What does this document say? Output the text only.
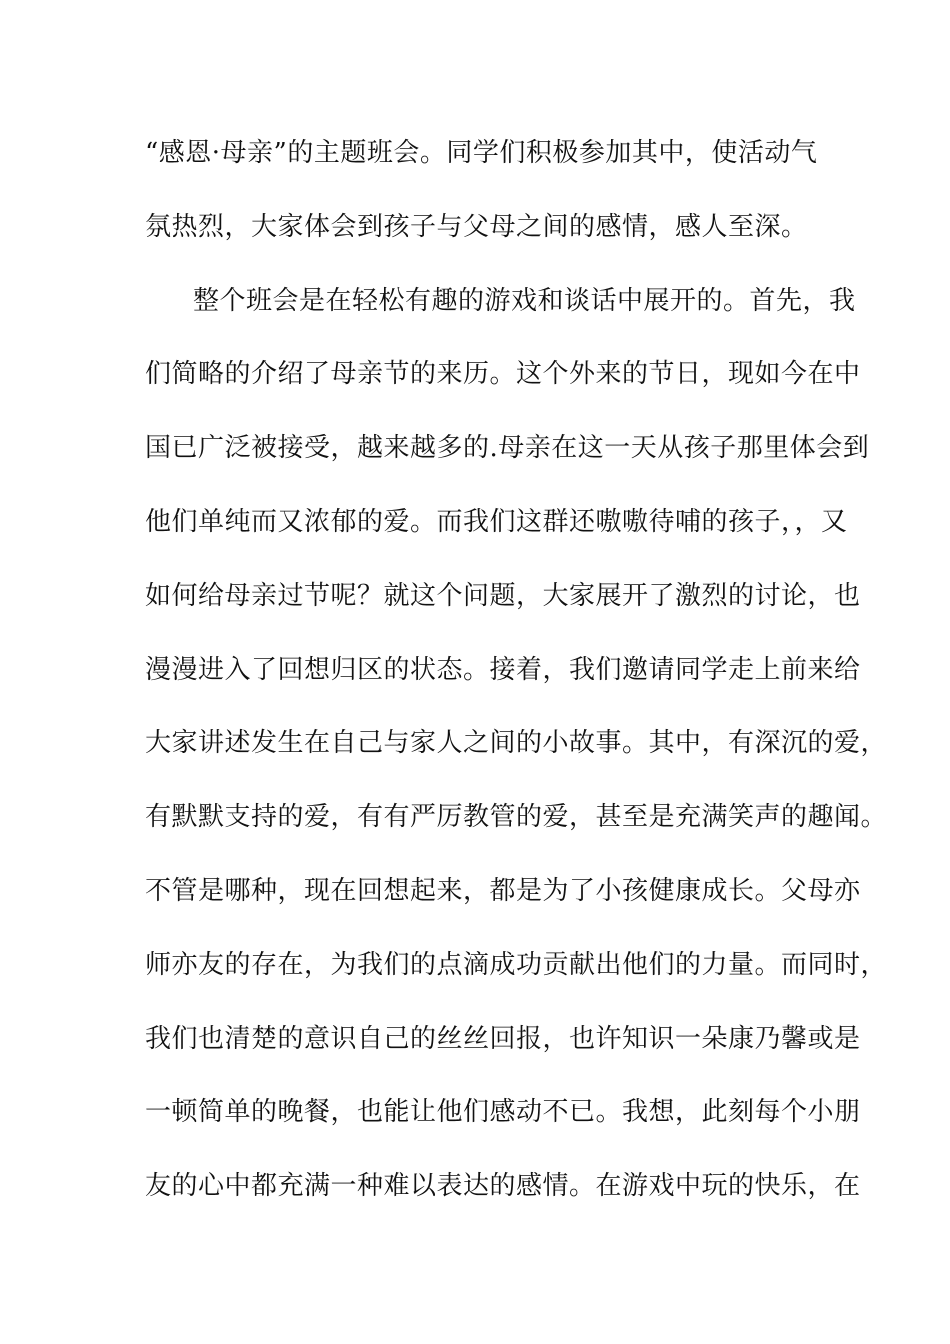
“感恩·母亲”的主题班会。同学们积极参加其中，使活动气
氛热烈，大家体会到孩子与父母之间的感情，感人至深。
整个班会是在轻松有趣的游戏和谈话中展开的。首先，我
们简略的介绍了母亲节的来历。这个外来的节日，现如今在中
国已广泛被接受，越来越多的.母亲在这一天从孩子那里体会到
他们单纯而又浓郁的爱。而我们这群还嗷嗷待哺的孩子，，又
如何给母亲过节呢？就这个问题，大家展开了激烈的讨论，也
漫漫进入了回想归区的状态。接着，我们邀请同学走上前来给
大家讲述发生在自己与家人之间的小故事。其中，有深沉的爱，
有默默支持的爱，有有严厉教管的爱，甚至是充满笑声的趣闻。
不管是哪种，现在回想起来，都是为了小孩健康成长。父母亦
师亦友的存在，为我们的点滴成功贡献出他们的力量。而同时，
我们也清楚的意识自己的丝丝回报，也许知识一朵康乃馨或是
一顿简单的晚餐，也能让他们感动不已。我想，此刻每个小朋
友的心中都充满一种难以表达的感情。在游戏中玩的快乐，在
